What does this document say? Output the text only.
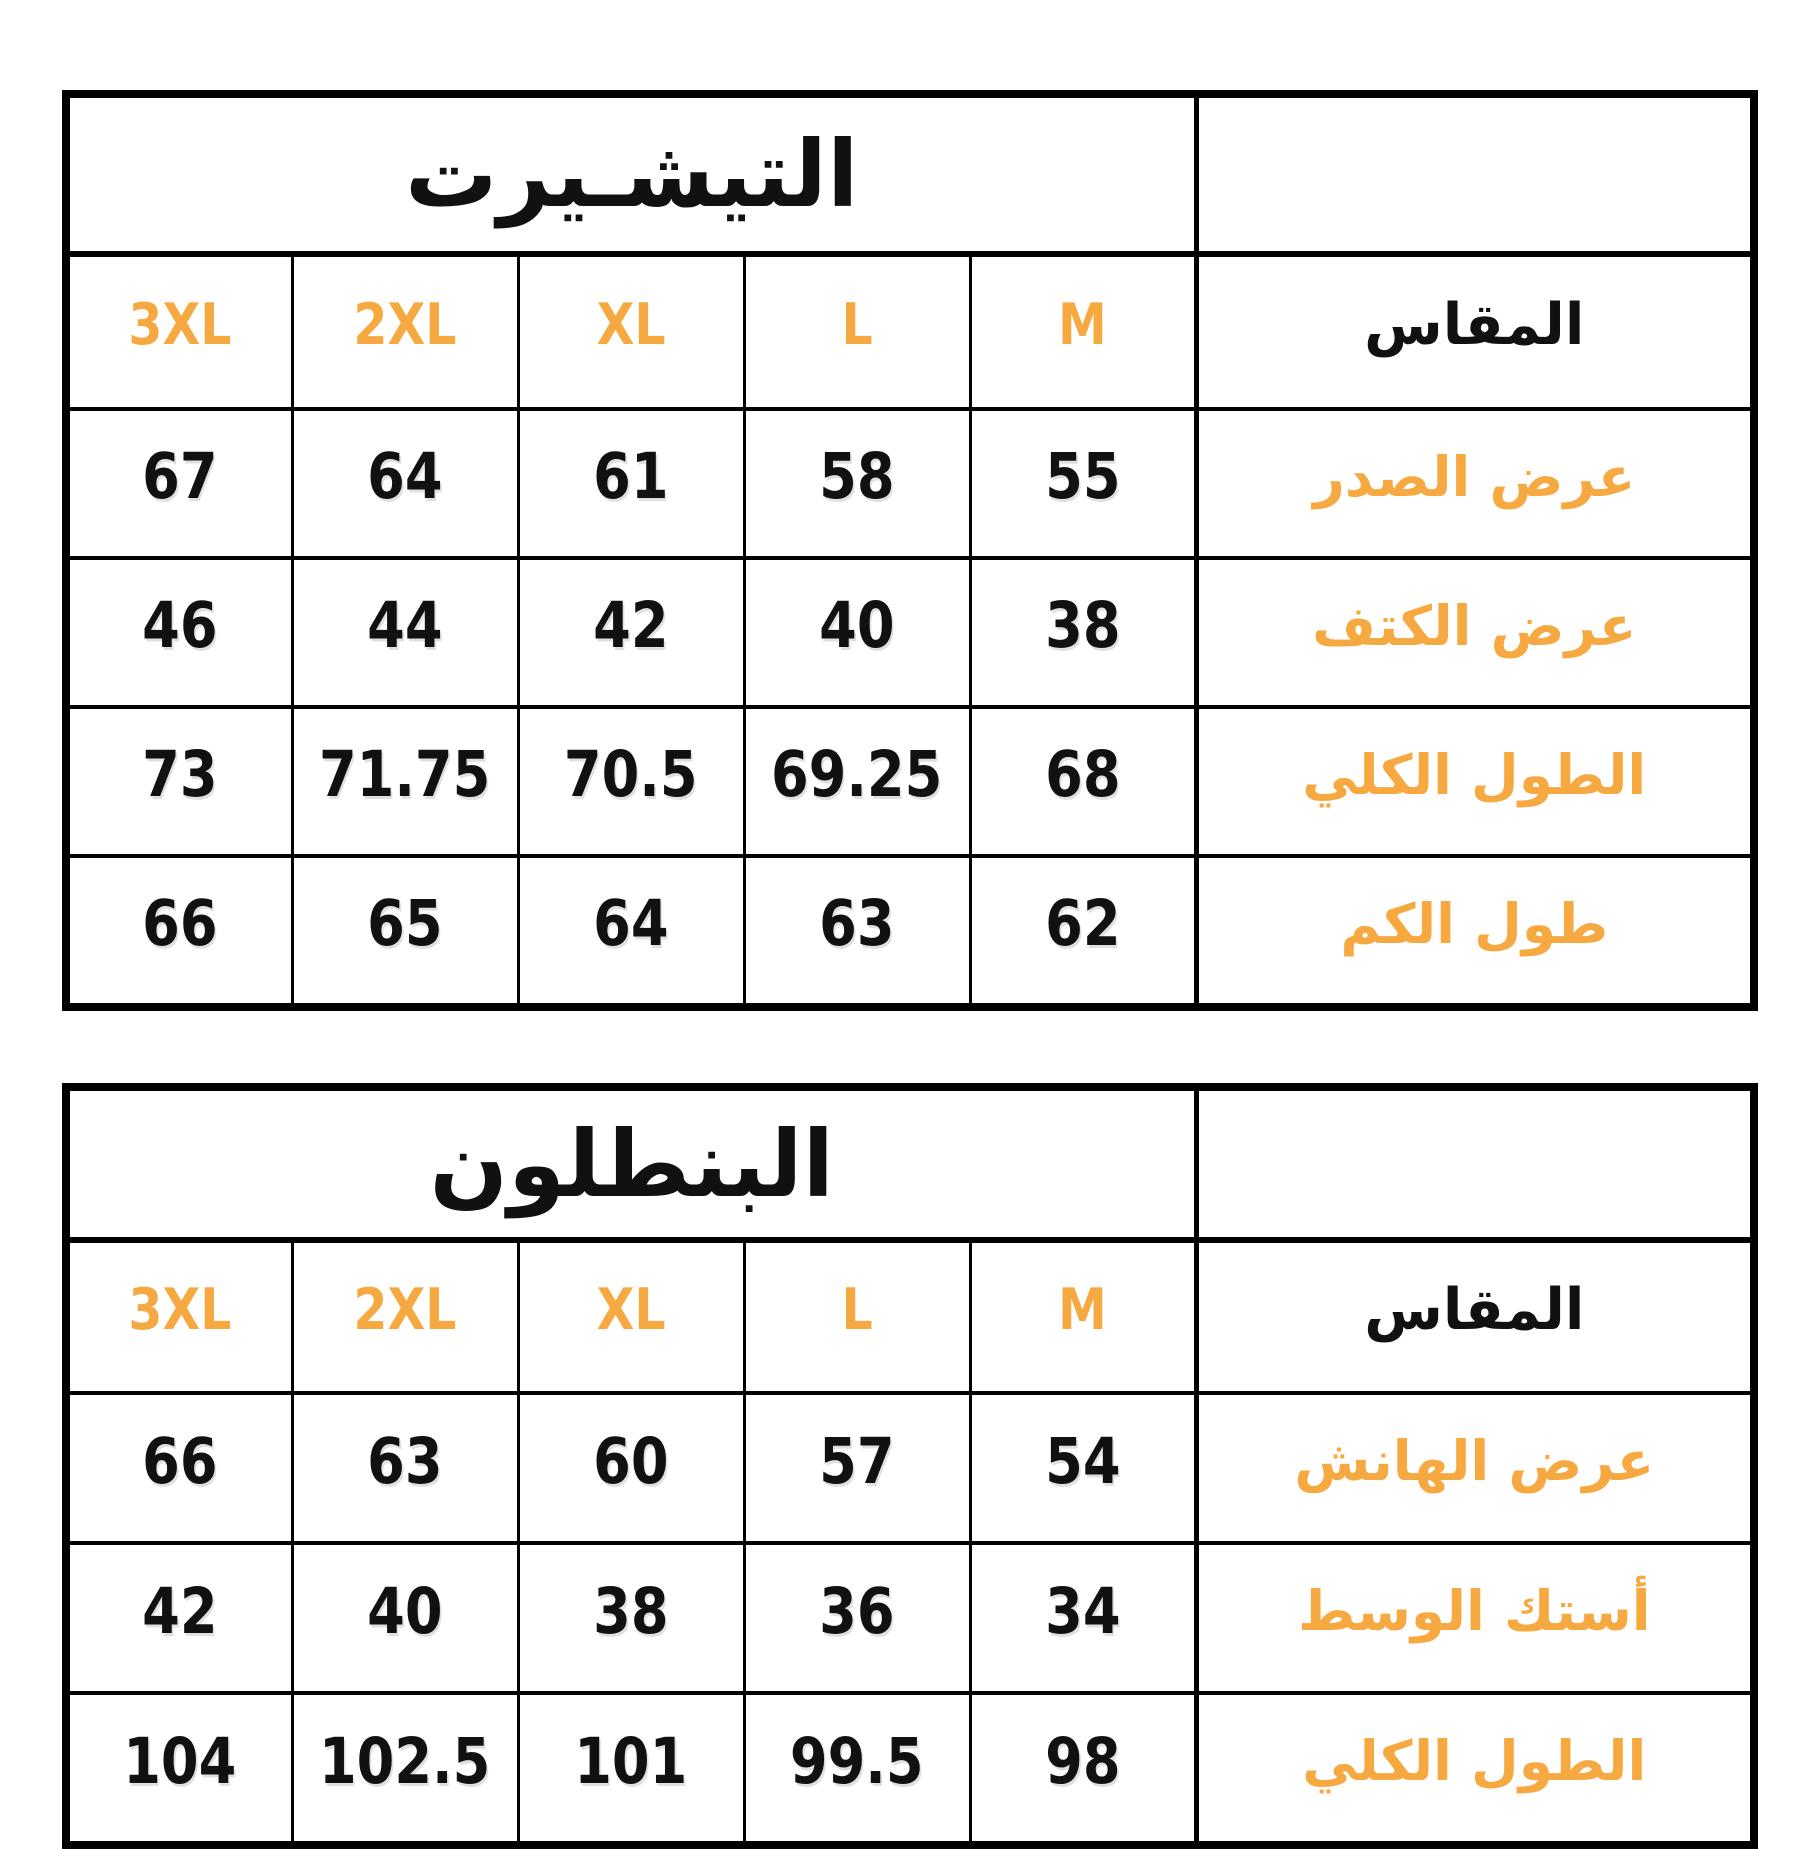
التيشـيرت					
3XL	2XL	XL	L	M	المقاس
67	64	61	58	55	عرض الصدر
46	44	42	40	38	عرض الكتف
73	71.75	70.5	69.25	68	الطول الكلي
66	65	64	63	62	طول الكم
البنطلون					
3XL	2XL	XL	L	M	المقاس
66	63	60	57	54	عرض الهانش
42	40	38	36	34	أستك الوسط
104	102.5	101	99.5	98	الطول الكلي
